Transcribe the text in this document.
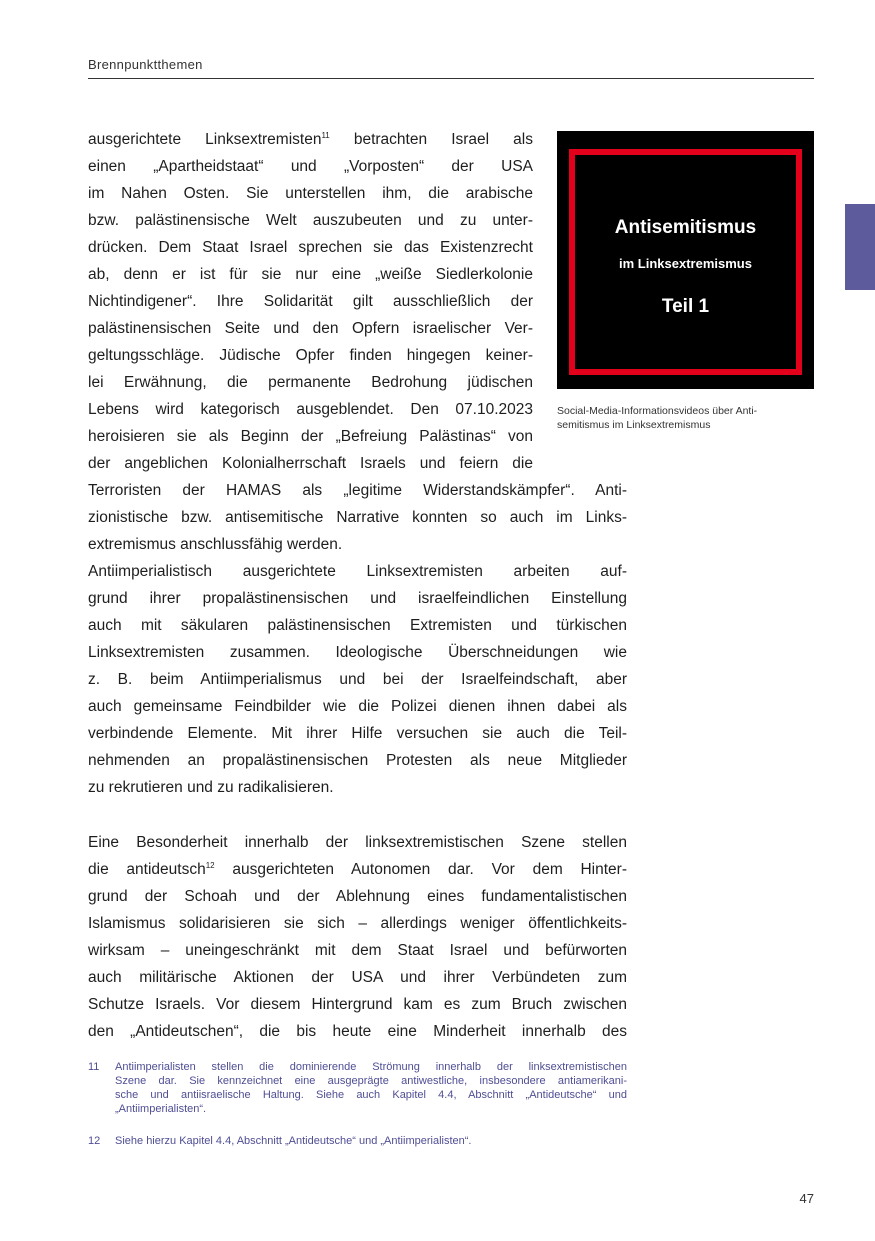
Brennpunktthemen
Antisemitismus
im Linksextremismus
Teil 1
Social-Media-Informationsvideos über Anti-
semitismus im Linksextremismus
ausgerichtete Linksextremisten$^{11}$ betrachten Israel als
einen „Apartheidstaat“ und „Vorposten“ der USA
im Nahen Osten. Sie unterstellen ihm, die arabische
bzw. palästinensische Welt auszubeuten und zu unter-
drücken. Dem Staat Israel sprechen sie das Existenzrecht
ab, denn er ist für sie nur eine „weiße Siedlerkolonie
Nichtindigener“. Ihre Solidarität gilt ausschließlich der
palästinensischen Seite und den Opfern israelischer Ver-
geltungsschläge. Jüdische Opfer finden hingegen keiner-
lei Erwähnung, die permanente Bedrohung jüdischen
Lebens wird kategorisch ausgeblendet. Den 07.10.2023
heroisieren sie als Beginn der „Befreiung Palästinas“ von
der angeblichen Kolonialherrschaft Israels und feiern die
Terroristen der HAMAS als „legitime Widerstandskämpfer“. Anti-
zionistische bzw. antisemitische Narrative konnten so auch im Links-
extremismus anschlussfähig werden.
Antiimperialistisch ausgerichtete Linksextremisten arbeiten auf-
grund ihrer propalästinensischen und israelfeindlichen Einstellung
auch mit säkularen palästinensischen Extremisten und türkischen
Linksextremisten zusammen. Ideologische Überschneidungen wie
z. B. beim Antiimperialismus und bei der Israelfeindschaft, aber
auch gemeinsame Feindbilder wie die Polizei dienen ihnen dabei als
verbindende Elemente. Mit ihrer Hilfe versuchen sie auch die Teil-
nehmenden an propalästinensischen Protesten als neue Mitglieder
zu rekrutieren und zu radikalisieren.
Eine Besonderheit innerhalb der linksextremistischen Szene stellen
die antideutsch$^{12}$ ausgerichteten Autonomen dar. Vor dem Hinter-
grund der Schoah und der Ablehnung eines fundamentalistischen
Islamismus solidarisieren sie sich – allerdings weniger öffentlichkeits-
wirksam – uneingeschränkt mit dem Staat Israel und befürworten
auch militärische Aktionen der USA und ihrer Verbündeten zum
Schutze Israels. Vor diesem Hintergrund kam es zum Bruch zwischen
den „Antideutschen“, die bis heute eine Minderheit innerhalb des
11 Antiimperialisten stellen die dominierende Strömung innerhalb der linksextremistischen
Szene dar. Sie kennzeichnet eine ausgeprägte antiwestliche, insbesondere antiamerikani-
sche und antiisraelische Haltung. Siehe auch Kapitel 4.4, Abschnitt „Antideutsche“ und
„Antiimperialisten“.
12 Siehe hierzu Kapitel 4.4, Abschnitt „Antideutsche“ und „Antiimperialisten“.
47
